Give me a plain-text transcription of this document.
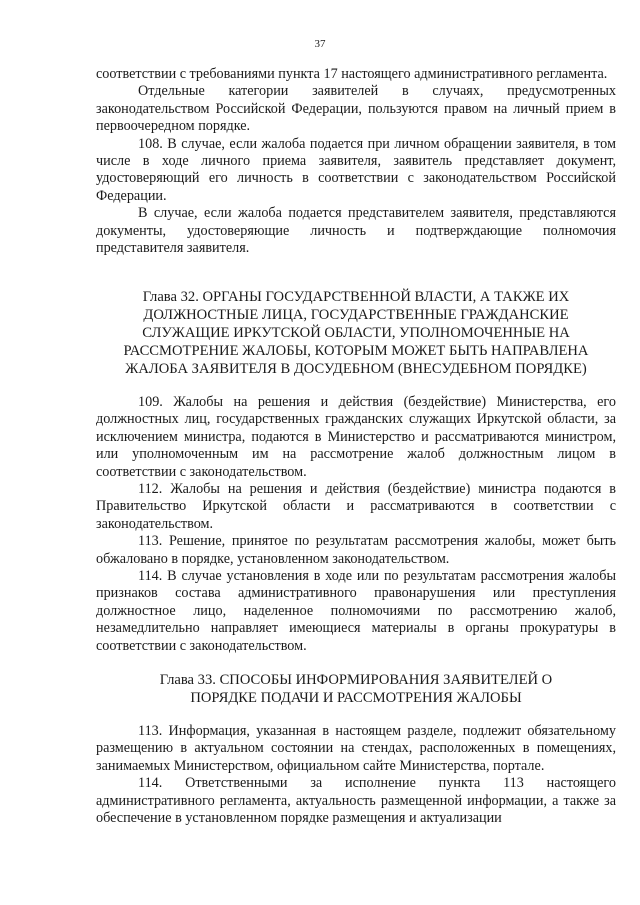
37

соответствии с требованиями пункта 17 настоящего административного регламента.

Отдельные категории заявителей в случаях, предусмотренных законодательством Российской Федерации, пользуются правом на личный прием в первоочередном порядке.

108. В случае, если жалоба подается при личном обращении заявителя, в том числе в ходе личного приема заявителя, заявитель представляет документ, удостоверяющий его личность в соответствии с законодательством Российской Федерации.

В случае, если жалоба подается представителем заявителя, представляются документы, удостоверяющие личность и подтверждающие полномочия представителя заявителя.

Глава 32. ОРГАНЫ ГОСУДАРСТВЕННОЙ ВЛАСТИ, А ТАКЖЕ ИХ
ДОЛЖНОСТНЫЕ ЛИЦА, ГОСУДАРСТВЕННЫЕ ГРАЖДАНСКИЕ
СЛУЖАЩИЕ ИРКУТСКОЙ ОБЛАСТИ, УПОЛНОМОЧЕННЫЕ НА
РАССМОТРЕНИЕ ЖАЛОБЫ, КОТОРЫМ МОЖЕТ БЫТЬ НАПРАВЛЕНА
ЖАЛОБА ЗАЯВИТЕЛЯ В ДОСУДЕБНОМ (ВНЕСУДЕБНОМ ПОРЯДКЕ)

109. Жалобы на решения и действия (бездействие) Министерства, его должностных лиц, государственных гражданских служащих Иркутской области, за исключением министра, подаются в Министерство и рассматриваются министром, или уполномоченным им на рассмотрение жалоб должностным лицом в соответствии с законодательством.

112. Жалобы на решения и действия (бездействие) министра подаются в Правительство Иркутской области и рассматриваются в соответствии с законодательством.

113. Решение, принятое по результатам рассмотрения жалобы, может быть обжаловано в порядке, установленном законодательством.

114. В случае установления в ходе или по результатам рассмотрения жалобы признаков состава административного правонарушения или преступления должностное лицо, наделенное полномочиями по рассмотрению жалоб, незамедлительно направляет имеющиеся материалы в органы прокуратуры в соответствии с законодательством.

Глава 33. СПОСОБЫ ИНФОРМИРОВАНИЯ ЗАЯВИТЕЛЕЙ О
ПОРЯДКЕ ПОДАЧИ И РАССМОТРЕНИЯ ЖАЛОБЫ

113. Информация, указанная в настоящем разделе, подлежит обязательному размещению в актуальном состоянии на стендах, расположенных в помещениях, занимаемых Министерством, официальном сайте Министерства, портале.

114. Ответственными за исполнение пункта 113 настоящего административного регламента, актуальность размещенной информации, а также за обеспечение в установленном порядке размещения и актуализации
